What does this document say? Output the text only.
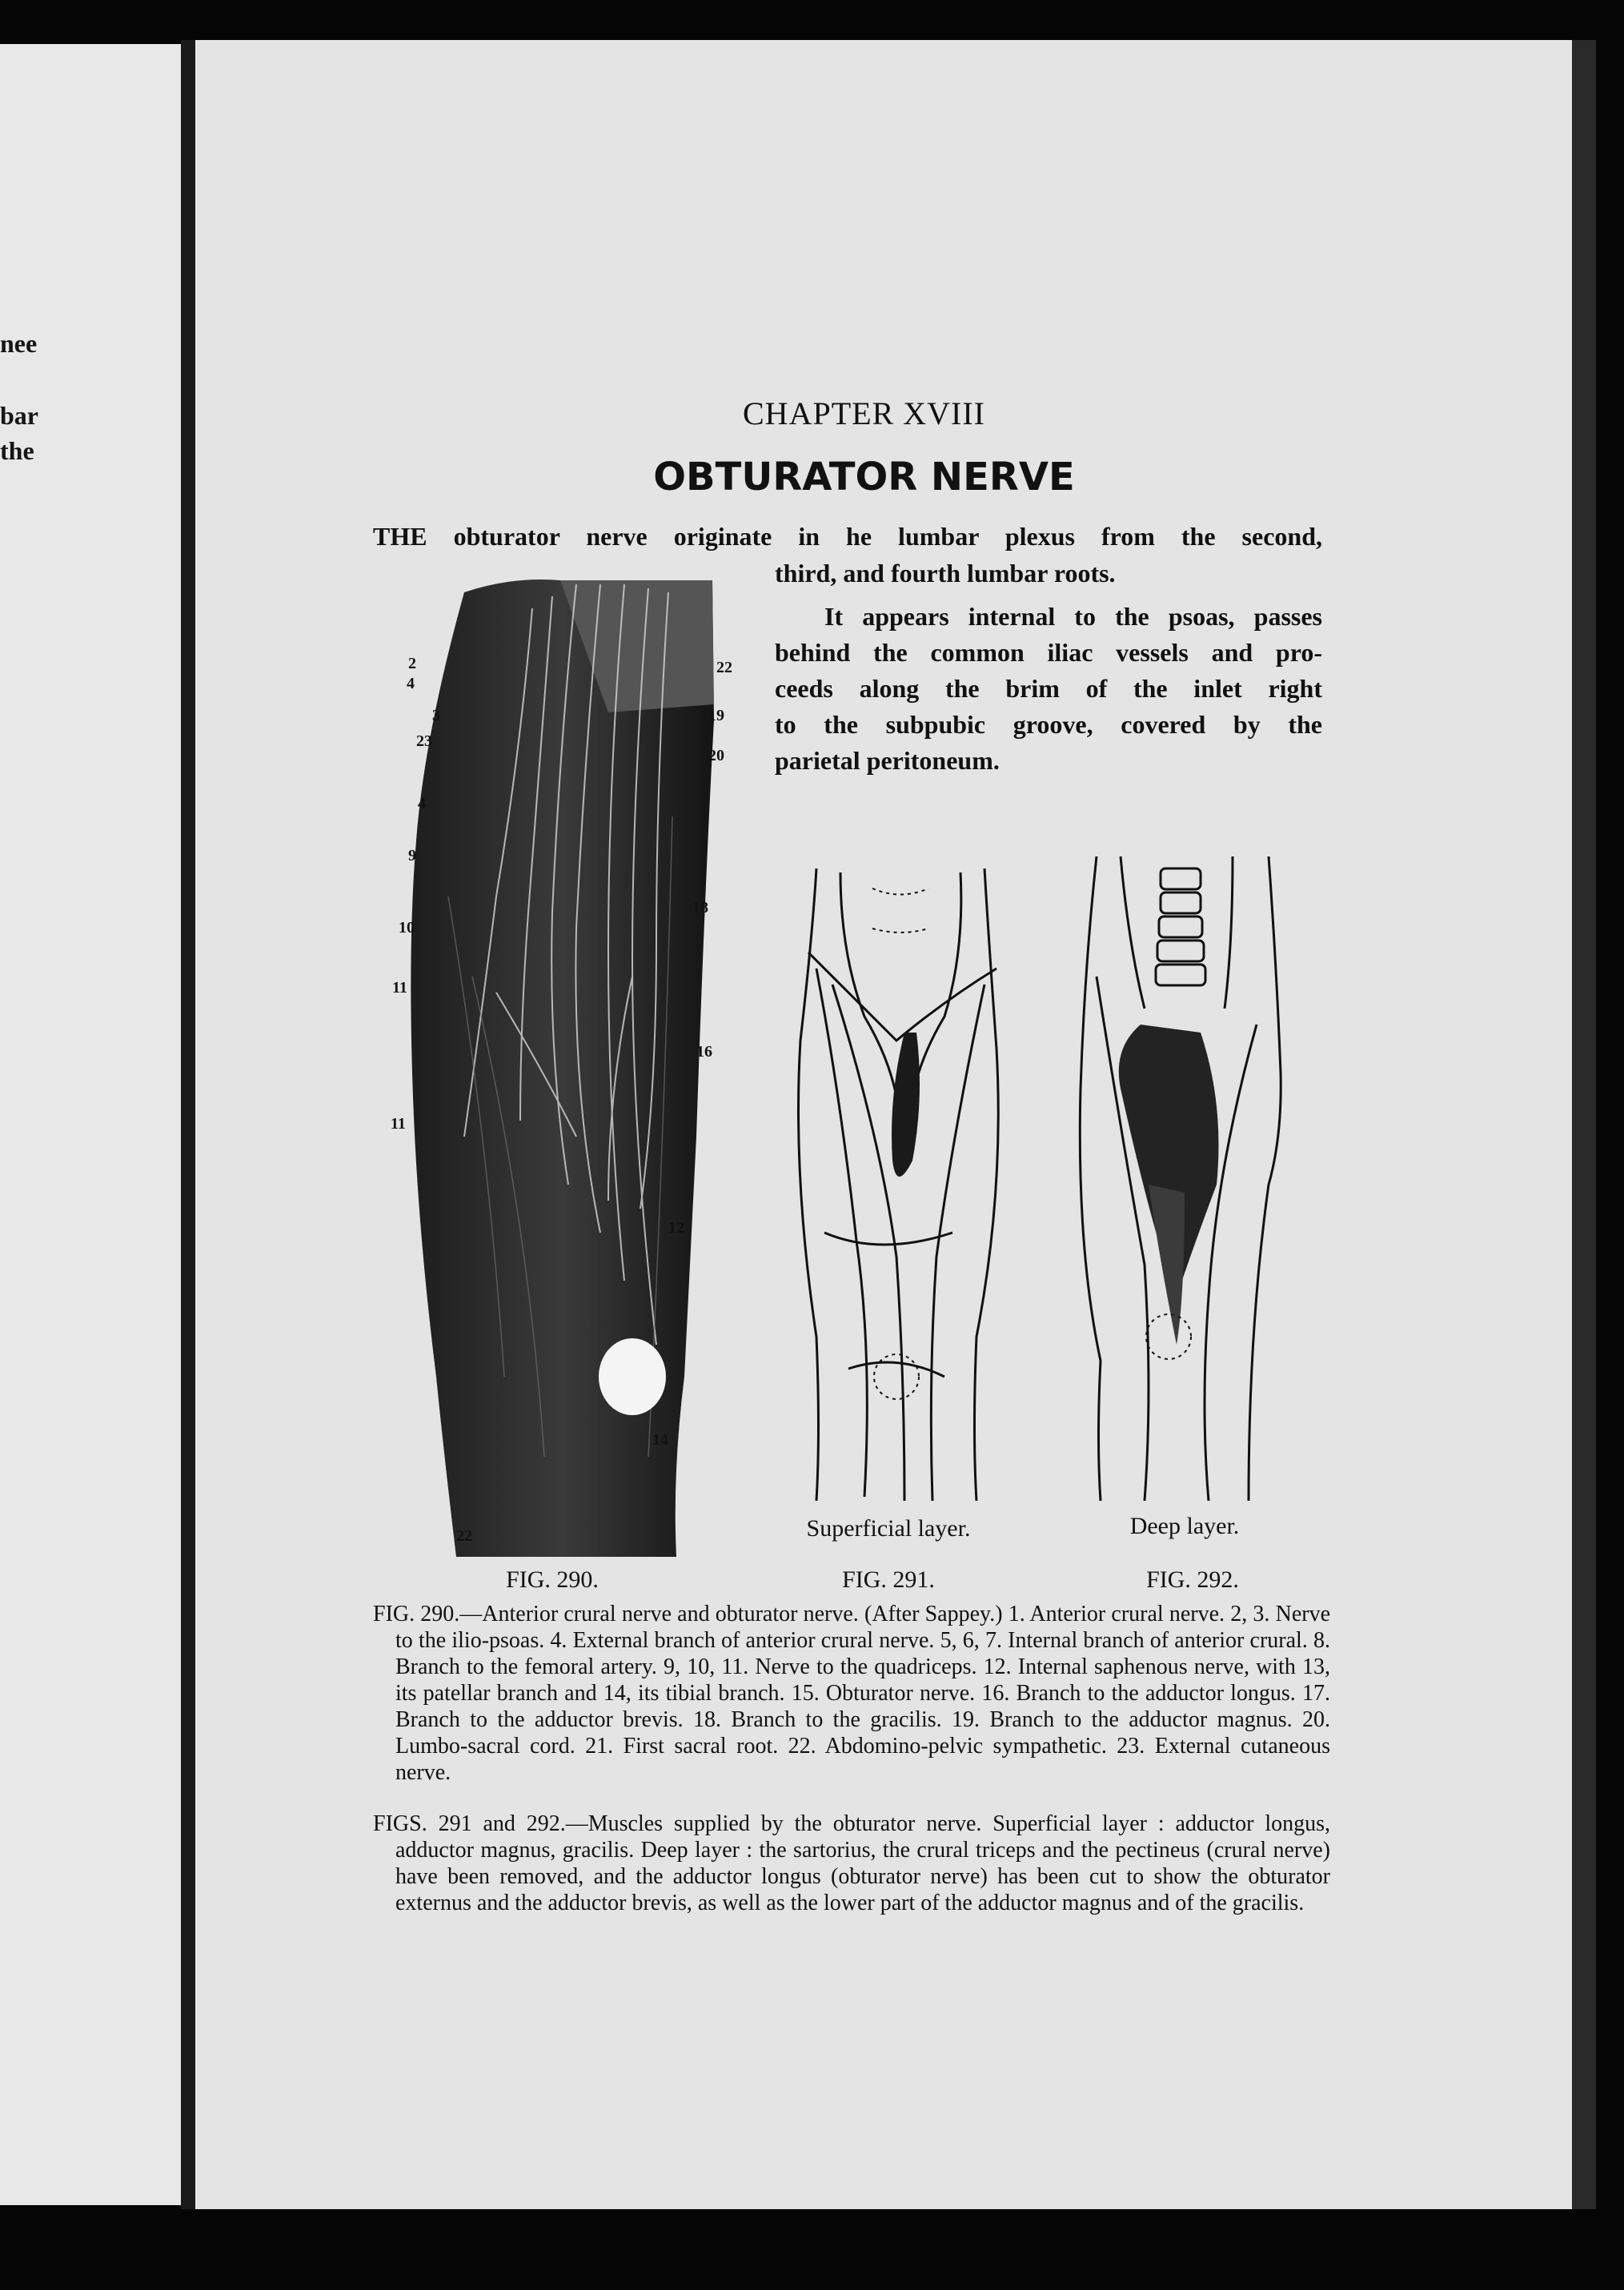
nee
bar
the
CHAPTER XVIII
OBTURATOR NERVE
THE obturator nerve originate in he lumbar plexus from the second,
third, and fourth lumbar roots.
It appears internal to the psoas, passes
behind the common iliac vessels and pro-
ceeds along the brim of the inlet right
to the subpubic groove, covered by the
parietal peritoneum.
2
4
3
23
4
9
10
11
11
22
19
20
18
16
12
14
22	Superficial layer.	Deep layer.
FIG. 290.	FIG. 291.	FIG. 292.

FIG. 290.—Anterior crural nerve and obturator nerve. (After Sappey.) 1. Anterior crural nerve. 2, 3. Nerve to the ilio-psoas. 4. External branch of anterior crural nerve. 5, 6, 7. Internal branch of anterior crural. 8. Branch to the femoral artery. 9, 10, 11. Nerve to the quadriceps. 12. Internal saphenous nerve, with 13, its patellar branch and 14, its tibial branch. 15. Obturator nerve. 16. Branch to the adductor longus. 17. Branch to the adductor brevis. 18. Branch to the gracilis. 19. Branch to the adductor magnus. 20. Lumbo-sacral cord. 21. First sacral root. 22. Abdomino-pelvic sympathetic. 23. External cutaneous nerve.

FIGS. 291 and 292.—Muscles supplied by the obturator nerve. Superficial layer : adductor longus, adductor magnus, gracilis. Deep layer : the sartorius, the crural triceps and the pectineus (crural nerve) have been removed, and the adductor longus (obturator nerve) has been cut to show the obturator externus and the adductor brevis, as well as the lower part of the adductor magnus and of the gracilis.
